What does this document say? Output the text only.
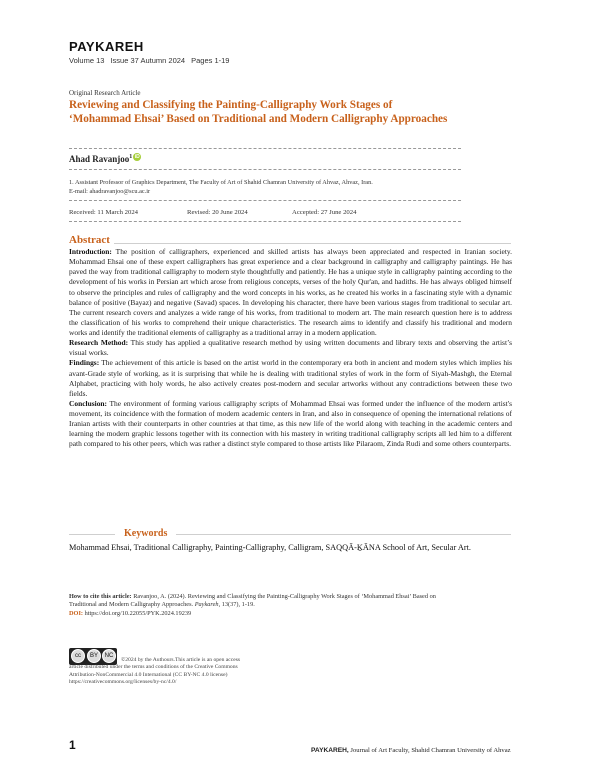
PAYKAREH
Volume 13 Issue 37 Autumn 2024 Pages 1-19
Original Research Article
Reviewing and Classifying the Painting-Calligraphy Work Stages of ‘Mohammad Ehsai’ Based on Traditional and Modern Calligraphy Approaches
Ahad Ravanjoo$^1$ iD
1. Assistant Professor of Graphics Department, The Faculty of Art of Shahid Chamran University of Ahvaz, Ahvaz, Iran.
E-mail: ahadravanjoo@scu.ac.ir
Received: 11 March 2024	Revised: 20 June 2024	Accepted: 27 June 2024
Abstract

Introduction: The position of calligraphers, experienced and skilled artists has always been appreciated and respected in Iranian society. Mohammad Ehsai one of these expert calligraphers has great experience and a clear background in calligraphy and calligraphy paintings. He has paved the way from traditional calligraphy to modern style thoughtfully and patiently. He has a unique style in calligraphy painting according to the development of his works in Persian art which arose from religious concepts, verses of the holy Qur'an, and hadiths. He has always obliged himself to observe the principles and rules of calligraphy and the word concepts in his works, as he created his works in a fascinating style with a dynamic balance of positive (Bayaz) and negative (Savad) spaces. In developing his character, there have been various stages from traditional to secular art. The current research covers and analyzes a wide range of his works, from traditional to modern art. The main research question here is to address the classification of his works to comprehend their unique characteristics. The research aims to identify and classify his traditional and modern works and identify the traditional elements of calligraphy as a traditional array in a modern application.

Research Method: This study has applied a qualitative research method by using written documents and library texts and observing the artist’s visual works.

Findings: The achievement of this article is based on the artist world in the contemporary era both in ancient and modern styles which implies his avant-Grade style of working, as it is surprising that while he is dealing with traditional styles of work in the form of Siyah-Mashgh, the Eternal Alphabet, practicing with holy words, he also actively creates post-modern and secular artworks without any contradictions between these two fields.

Conclusion: The environment of forming various calligraphy scripts of Mohammad Ehsai was formed under the influence of the modern artist's movement, its coincidence with the formation of modern academic centers in Iran, and also in consequence of opening the international relations of Iranian artists with their counterparts in other countries at that time, as this new life of the world along with teaching in the academic centers and learning the modern graphic lessons together with its connection with his mastery in writing traditional calligraphy scripts all led him to a different path compared to his other peers, which was rather a distinct style compared to those artists like Pilaraom, Zinda Rudi and some others counterparts.

Keywords
Mohammad Ehsai, Traditional Calligraphy, Painting-Calligraphy, Calligram, SAQQĀ-ḴĀNA School of Art, Secular Art.
How to cite this article: Ravanjoo, A. (2024). Reviewing and Classifying the Painting-Calligraphy Work Stages of ‘Mohammad Ehsai’ Based on Traditional and Modern Calligraphy Approaches. Paykareh, 13(37), 1-19.
DOI: https://doi.org/10.22055/PYK.2024.19239
cc	BY	NC
©2024 by the Authours.This article is an open access
article distributed under the terms and conditions of the Creative Commons
Attribution-NonCommercial 4.0 International (CC BY-NC 4.0 license)
https://creativecommons.org/licenses/by-nc/4.0/
1	PAYKAREH, Journal of Art Faculty, Shahid Chamran University of Ahvaz
